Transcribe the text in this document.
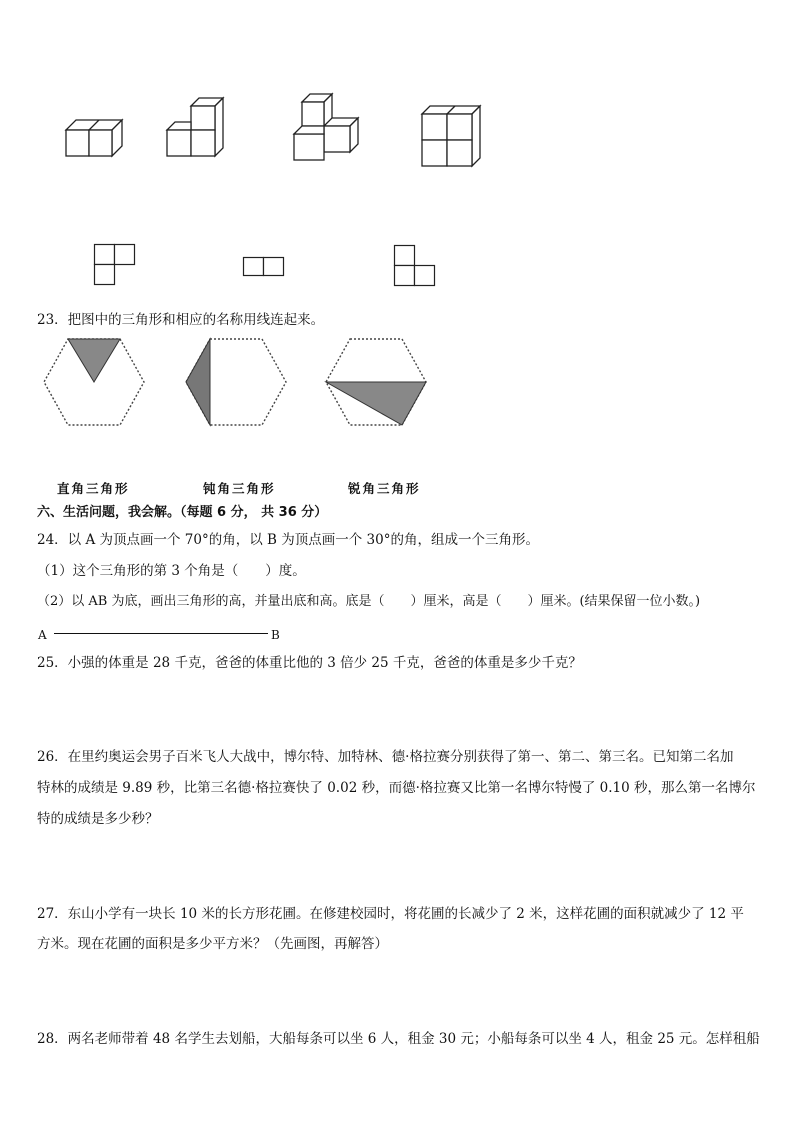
23．把图中的三角形和相应的名称用线连起来。
直角三角形	钝角三角形	锐角三角形
六、生活问题，我会解。（每题 6 分， 共 36 分）
24．以 A 为顶点画一个 70°的角，以 B 为顶点画一个 30°的角，组成一个三角形。
（1）这个三角形的第 3 个角是（　　）度。
（2）以 AB 为底，画出三角形的高，并量出底和高。底是（　　）厘米，高是（　　）厘米。(结果保留一位小数。)
A	B
25．小强的体重是 28 千克，爸爸的体重比他的 3 倍少 25 千克，爸爸的体重是多少千克？
26．在里约奥运会男子百米飞人大战中，博尔特、加特林、德·格拉赛分别获得了第一、第二、第三名。已知第二名加
特林的成绩是 9.89 秒，比第三名德·格拉赛快了 0.02 秒，而德·格拉赛又比第一名博尔特慢了 0.10 秒，那么第一名博尔
特的成绩是多少秒？
27．东山小学有一块长 10 米的长方形花圃。在修建校园时，将花圃的长减少了 2 米，这样花圃的面积就减少了 12 平
方米。现在花圃的面积是多少平方米？（先画图，再解答）
28．两名老师带着 48 名学生去划船，大船每条可以坐 6 人，租金 30 元；小船每条可以坐 4 人，租金 25 元。怎样租船
